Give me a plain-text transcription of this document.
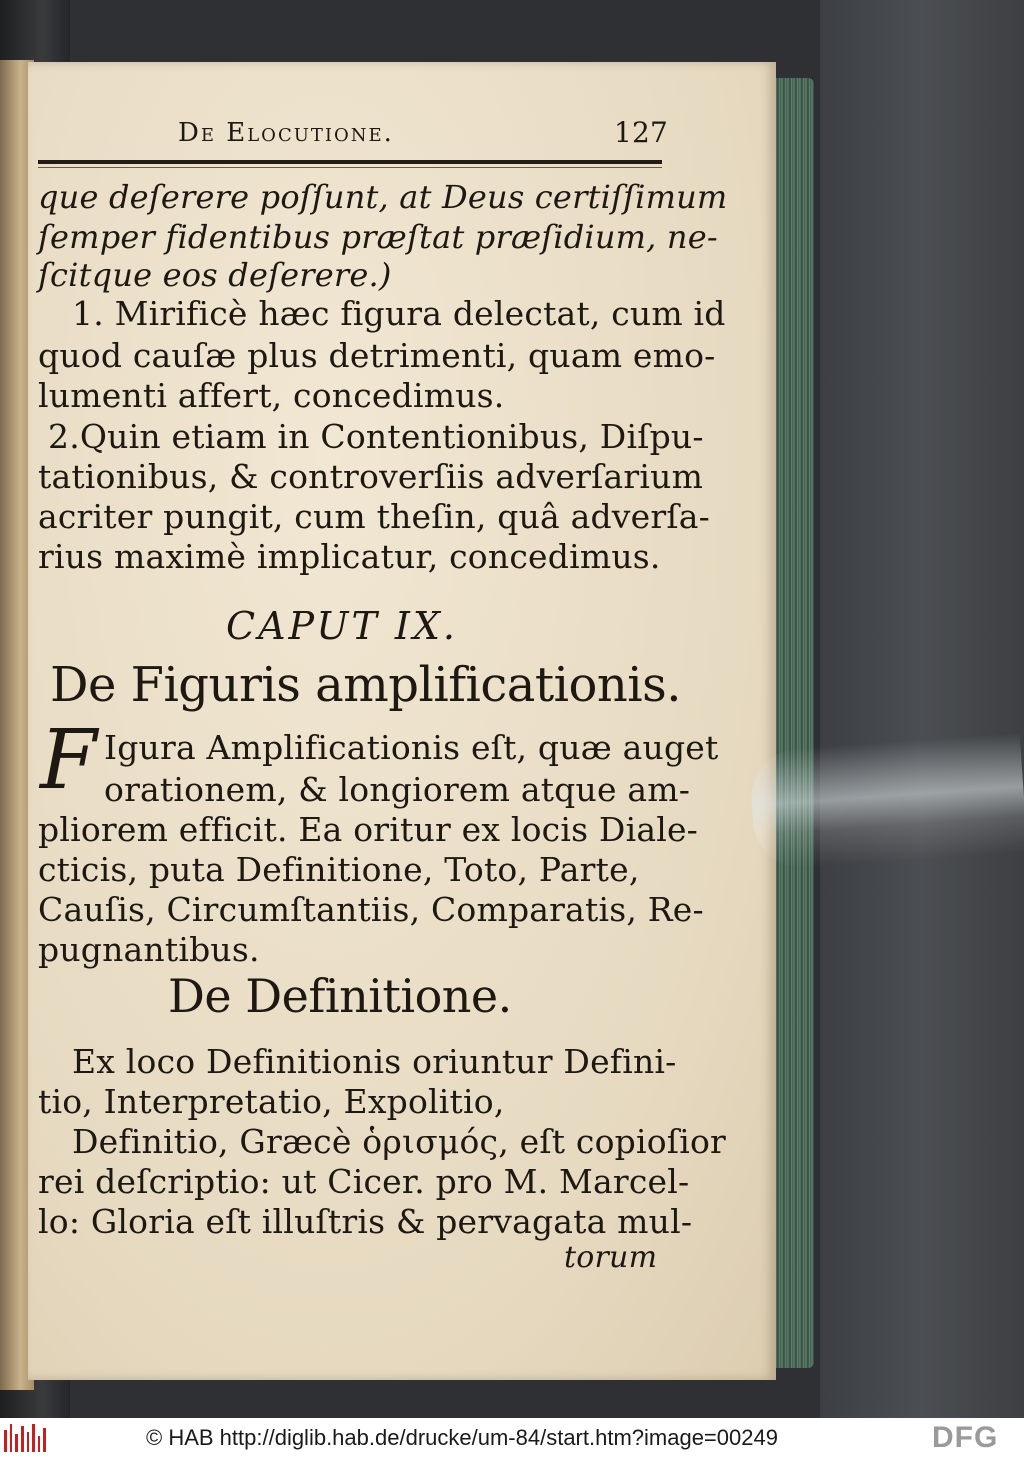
De Elocutione.	127
que deſerere poſſunt, at Deus certiſſimum
ſemper fidentibus præſtat præſidium, ne-
ſcitque eos deſerere.)
1. Mirificè hæc figura delectat, cum id
quod cauſæ plus detrimenti, quam emo-
lumenti affert, concedimus.
2.Quin etiam in Contentionibus, Diſpu-
tationibus, & controverſiis adverſarium
acriter pungit, cum theſin, quâ adverſa-
rius maximè implicatur, concedimus.
CAPUT IX.
De Figuris amplificationis.
F Igura Amplificationis eſt, quæ auget
orationem, & longiorem atque am-
pliorem efficit. Ea oritur ex locis Diale-
cticis, puta Definitione, Toto, Parte,
Cauſis, Circumſtantiis, Comparatis, Re-
pugnantibus.
De Definitione.
Ex loco Definitionis oriuntur Defini-
tio, Interpretatio, Expolitio,
Definitio, Græcè ὁρισμός, eſt copioſior
rei deſcriptio: ut Cicer. pro M. Marcel-
lo: Gloria eſt illuſtris & pervagata mul-
torum
© HAB http://diglib.hab.de/drucke/um-84/start.htm?image=00249	DFG
